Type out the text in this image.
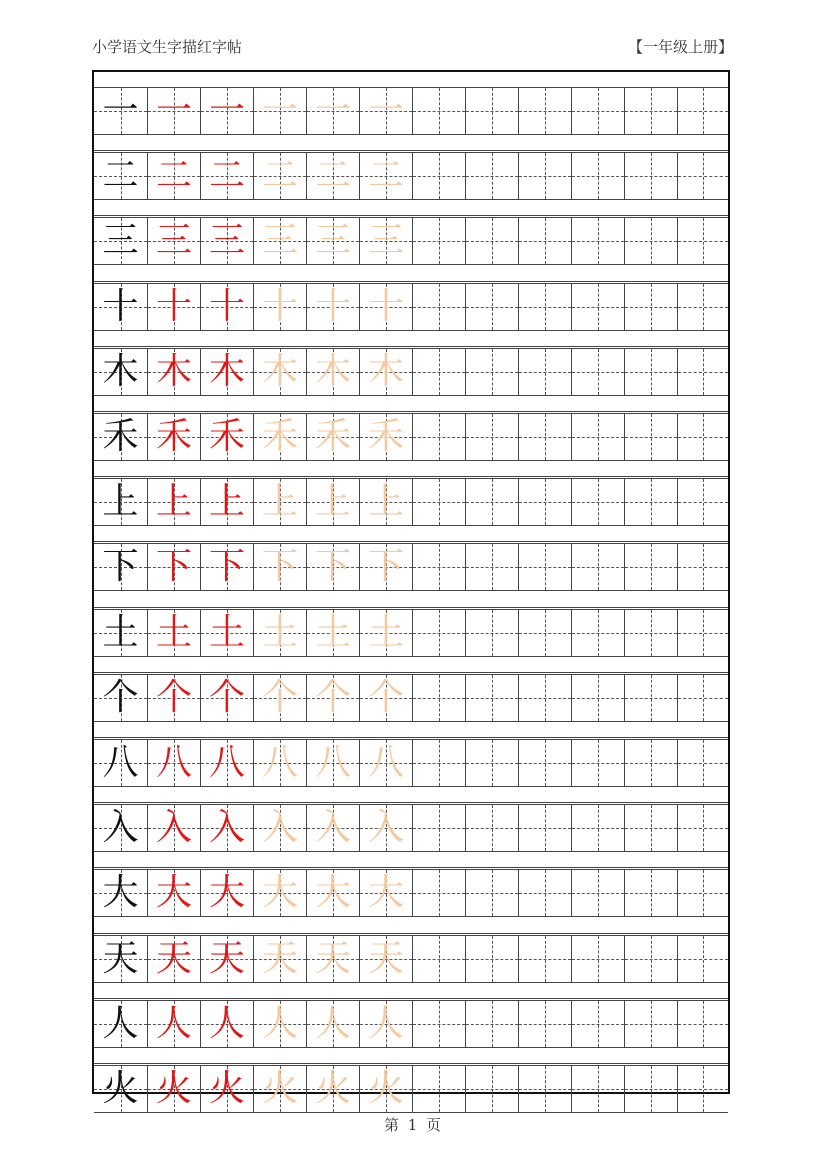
小学语文生字描红字帖	【一年级上册】
一 一 一 一 一 一
二 二 二 二 二 二
三 三 三 三 三 三
十 十 十 十 十 十
木 木 木 木 木 木
禾 禾 禾 禾 禾 禾
上 上 上 上 上 上
下 下 下 下 下 下
土 土 土 土 土 土
个 个 个 个 个 个
八 八 八 八 八 八
入 入 入 入 入 入
大 大 大 大 大 大
天 天 天 天 天 天
人 人 人 人 人 人
火 火 火 火 火 火
第 1 页
